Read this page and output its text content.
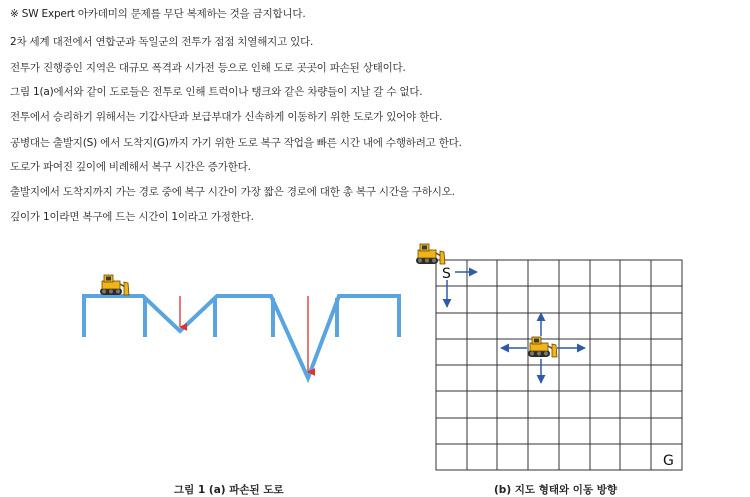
※ SW Expert 아카데미의 문제를 무단 복제하는 것을 금지합니다.

2차 세계 대전에서 연합군과 독일군의 전투가 점점 치열해지고 있다.

전투가 진행중인 지역은 대규모 폭격과 시가전 등으로 인해 도로 곳곳이 파손된 상태이다.

그림 1(a)에서와 같이 도로들은 전투로 인해 트럭이나 탱크와 같은 차량들이 지날 갈 수 없다.

전투에서 승리하기 위해서는 기갑사단과 보급부대가 신속하게 이동하기 위한 도로가 있어야 한다.

공병대는 출발지(S) 에서 도착지(G)까지 가기 위한 도로 복구 작업을 빠른 시간 내에 수행하려고 한다.

도로가 파여진 깊이에 비례해서 복구 시간은 증가한다.

출발지에서 도착지까지 가는 경로 중에 복구 시간이 가장 짧은 경로에 대한 총 복구 시간을 구하시오.

깊이가 1이라면 복구에 드는 시간이 1이라고 가정한다.

S
G
그림 1 (a) 파손된 도로	(b) 지도 형태와 이동 방향
